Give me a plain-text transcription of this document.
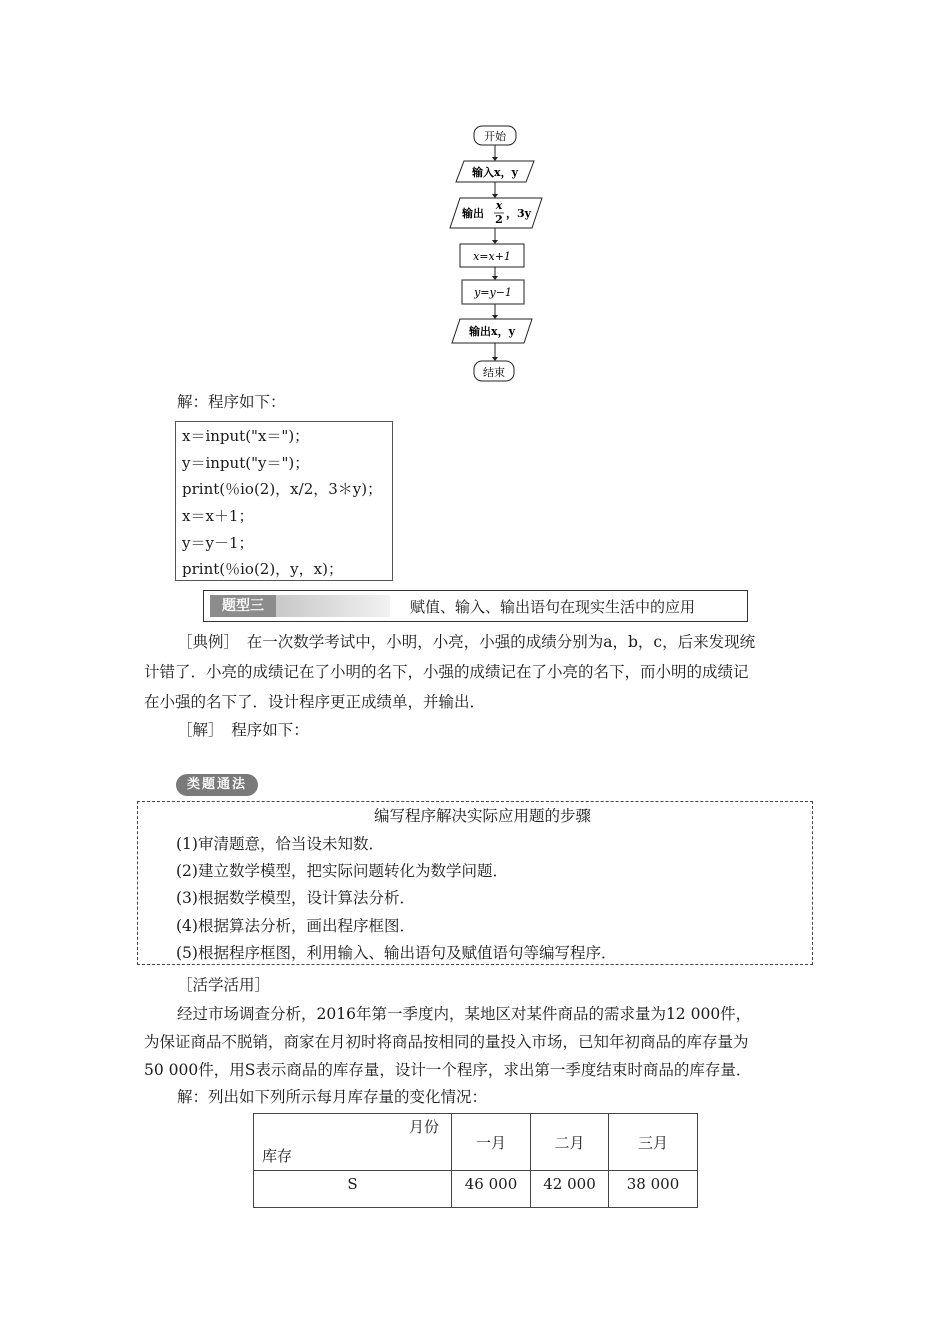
开始
输入x，y
输出
x
2 ，3y
x=x+1
y=y−1
输出x，y
结束
解：程序如下：
x＝input("x＝")；
y＝input("y＝")；
print(％io(2)，x/2，3＊y)；
x＝x＋1；
y＝y－1；
print(％io(2)，y，x)；
题型三	赋值、输入、输出语句在现实生活中的应用
［典例］　在一次数学考试中，小明，小亮，小强的成绩分别为a，b，c，后来发现统
计错了．小亮的成绩记在了小明的名下，小强的成绩记在了小亮的名下，而小明的成绩记
在小强的名下了．设计程序更正成绩单，并输出．
［解］　程序如下：
类题通法
编写程序解决实际应用题的步骤
(1)审清题意，恰当设未知数．
(2)建立数学模型，把实际问题转化为数学问题．
(3)根据数学模型，设计算法分析．
(4)根据算法分析，画出程序框图．
(5)根据程序框图，利用输入、输出语句及赋值语句等编写程序．
［活学活用］
经过市场调查分析，2016年第一季度内，某地区对某件商品的需求量为12 000件，
为保证商品不脱销，商家在月初时将商品按相同的量投入市场，已知年初商品的库存量为
50 000件，用S表示商品的库存量，设计一个程序，求出第一季度结束时商品的库存量．
解：列出如下列所示每月库存量的变化情况：
月份
库存	一月	二月	三月
S	46 000	42 000	38 000
